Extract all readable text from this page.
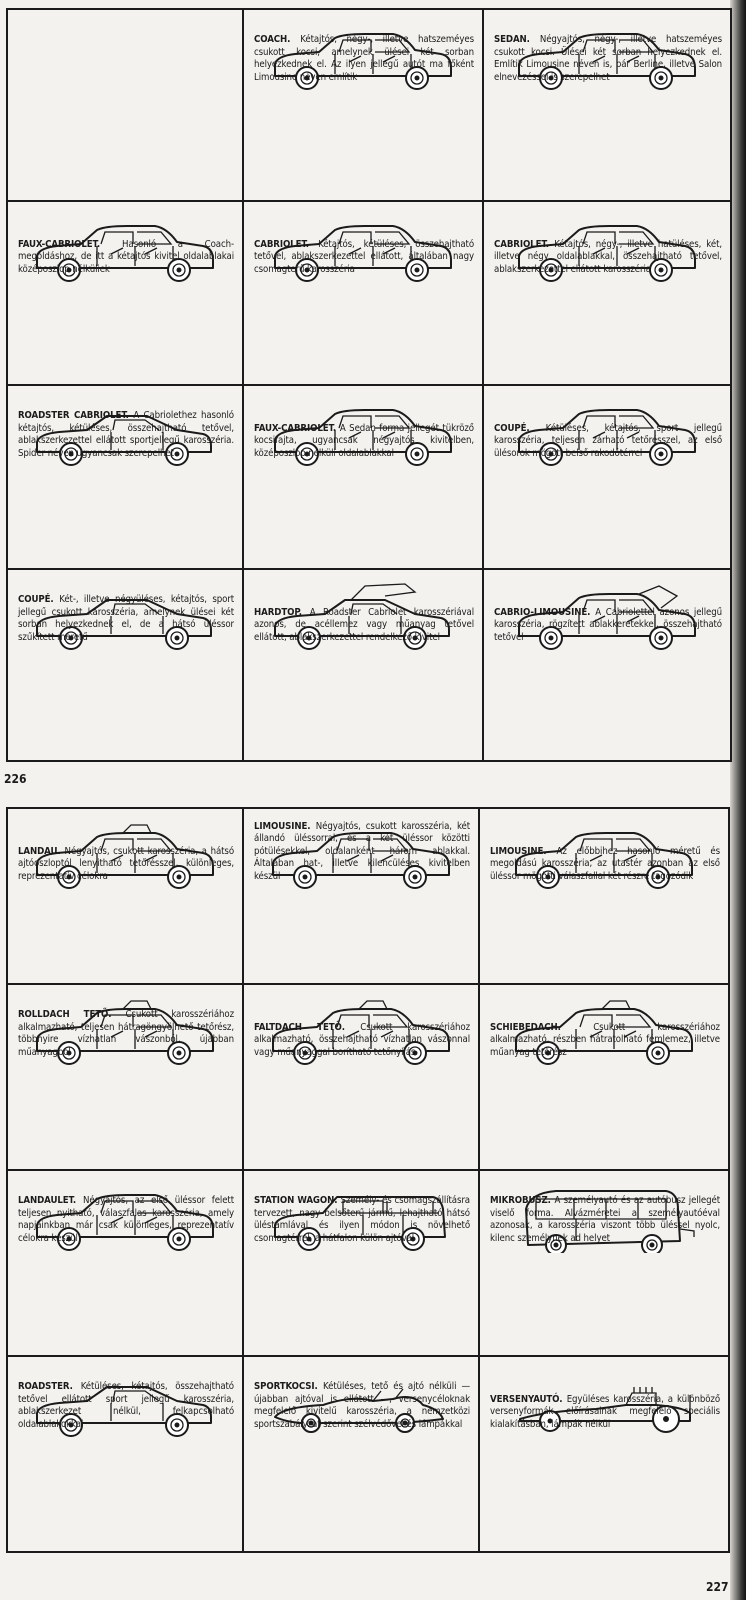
COACH. Kétajtós, négy-, illetve hatszeméyes csukott kocsi, amelynek ülései két sorban helyezkednek el. Az ilyen jellegű autót ma főként Limousine néven említik	SEDAN. Négyajtós, négy-, illetve hatszeméyes csukott kocsi. Ülései két sorban helyezkednek el. Említik Limousine néven is, bár Berline, illetve Salon elnevezéssel is szerepelhet

FAUX-CABRIOLET. Hasonló a Coach-megoldáshoz, de itt a kétajtós kivitel oldalablakai középoszlop nélküliek	CABRIOLET. Kétajtós, kétüléses, összehajtható tetővel, ablakszerkezettel ellátott, általában nagy csomagterű karosszéria	CABRIOLET. Kétajtós, négy-, illetve hatüléses, két, illetve négy oldalablakkal, összehajtható tetővel, ablakszerkezettel ellátott karosszéria

ROADSTER CABRIOLET. A Cabriolethez hasonló kétajtós, kétüléses, összehajtható tetővel, ablakszerkezettel ellátott sportjellegű karosszéria. Spider néven ugyancsak szerepelhet	FAUX-CABRIOLET. A Sedan forma jellegét tükröző kocsifajta, ugyancsak négyajtós kivitelben, középoszlop nélküli oldalablakkal	COUPÉ. Kétüléses, kétajtós, sport jellegű karosszéria, teljesen zárható tetőrésszel, az első ülésorok mögött belső rakodótérrel

COUPÉ. Két-, illetve négyüléses, kétajtós, sport jellegű csukott karosszéria, amelynek ülései két sorban helyezkednek el, de a hátsó üléssor szűkített méretű	HARDTOP. A Roadster Cabriolet karosszériával azonos, de acéllemez vagy műanyag tetővel ellátott, ablakszerkezettel rendelkező kivitel	CABRIO-LIMOUSINE. A Cabriolettel azonos jellegű karosszéria, rögzített ablakkeretekkel, összehajtható tetővel
226
LANDAU. Négyajtós, csukott karosszéria, a hátsó ajtóoszloptól lenyitható tetőrésszel, különleges, reprezentatív célokra	LIMOUSINE. Négyajtós, csukott karosszéria, két állandó üléssorral, és a két üléssor közötti pótülésekkel, oldalanként három ablakkal. Általában hat-, illetve kilencüléses kivitelben készül	LIMOUSINE. Az előbbihez hasonló méretű és megoldású karosszéria, az utastér azonban az első üléssor mögötti válaszfallal két részre tagozódik

ROLLDACH TETŐ. Csukott karosszériához alkalmazható, teljesen hátragöngyölhető tetőrész, többnyire vízhatlan vászonból, újabban műanyagból	FALTDACH TETŐ. Csukott karosszériához alkalmazható, összehajtható vízhatlan vászonnal vagy műanyaggal borítható tetőnyílás	SCHIEBEDACH. Csukott karosszériához alkalmazható, részben hátratolható fémlemez, illetve műanyag tetőrész

LANDAULET. Négyajtós, az első üléssor felett teljesen nyitható, válaszfalas karosszéria, amely napjainkban már csak különleges, reprezentatív célokra készül	STATION WAGON. Személy- és csomagszállításra tervezett, nagy belsőterű jármű, lehajtható hátsó üléstámlával és ilyen módon is növelhető csomagtérrel, a hátfalon külön ajtóval	MIKROBUSZ. A személyautó és az autóbusz jellegét viselő forma. Alvázméretei a személyautóéval azonosak, a karosszéria viszont több üléssel nyolc, kilenc személynek ad helyet

ROADSTER. Kétüléses, kétajtós, összehajtható tetővel ellátott sport jellegű karosszéria, ablakszerkezet nélkül, felkapcsolható oldalablakokkal	SPORTKOCSI. Kétüléses, tető és ajtó nélküli — újabban ajtóval is ellátott —, versenycéloknak megfelelő kivitelű karosszéria, a nemzetközi sportszabályzat szerint szélvédővel és lámpákkal	VERSENYAUTÓ. Együléses karosszéria, a különböző versenyformák előírásainak megfelelő speciális kialakításban, lámpák nélkül
227
